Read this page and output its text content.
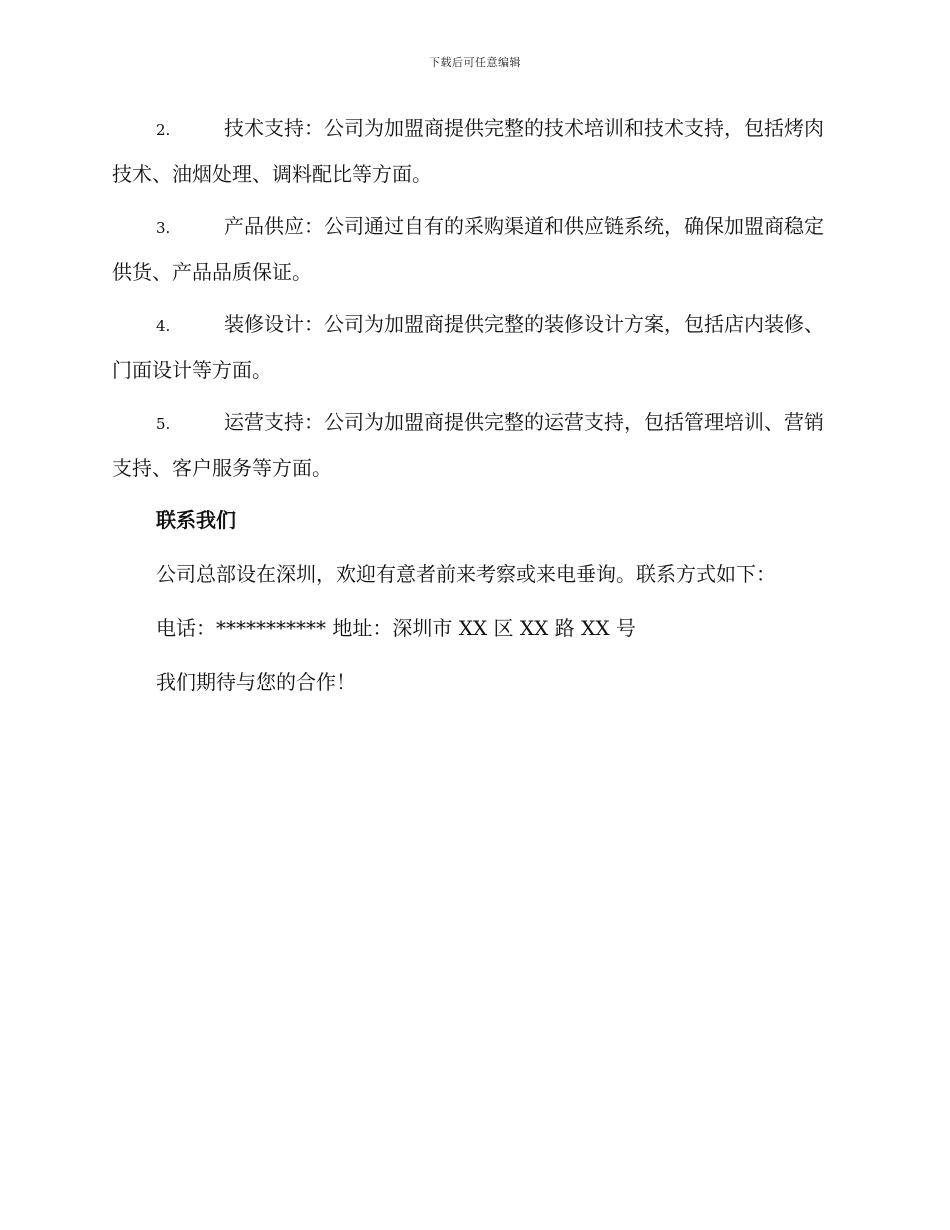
下载后可任意编辑
2.	技术支持：公司为加盟商提供完整的技术培训和技术支持，包括烤肉技术、油烟处理、调料配比等方面。
3.	产品供应：公司通过自有的采购渠道和供应链系统，确保加盟商稳定供货、产品品质保证。
4.	装修设计：公司为加盟商提供完整的装修设计方案，包括店内装修、门面设计等方面。
5.	运营支持：公司为加盟商提供完整的运营支持，包括管理培训、营销支持、客户服务等方面。
联系我们
公司总部设在深圳，欢迎有意者前来考察或来电垂询。联系方式如下：
电话：*********** 地址：深圳市 XX 区 XX 路 XX 号
我们期待与您的合作！
